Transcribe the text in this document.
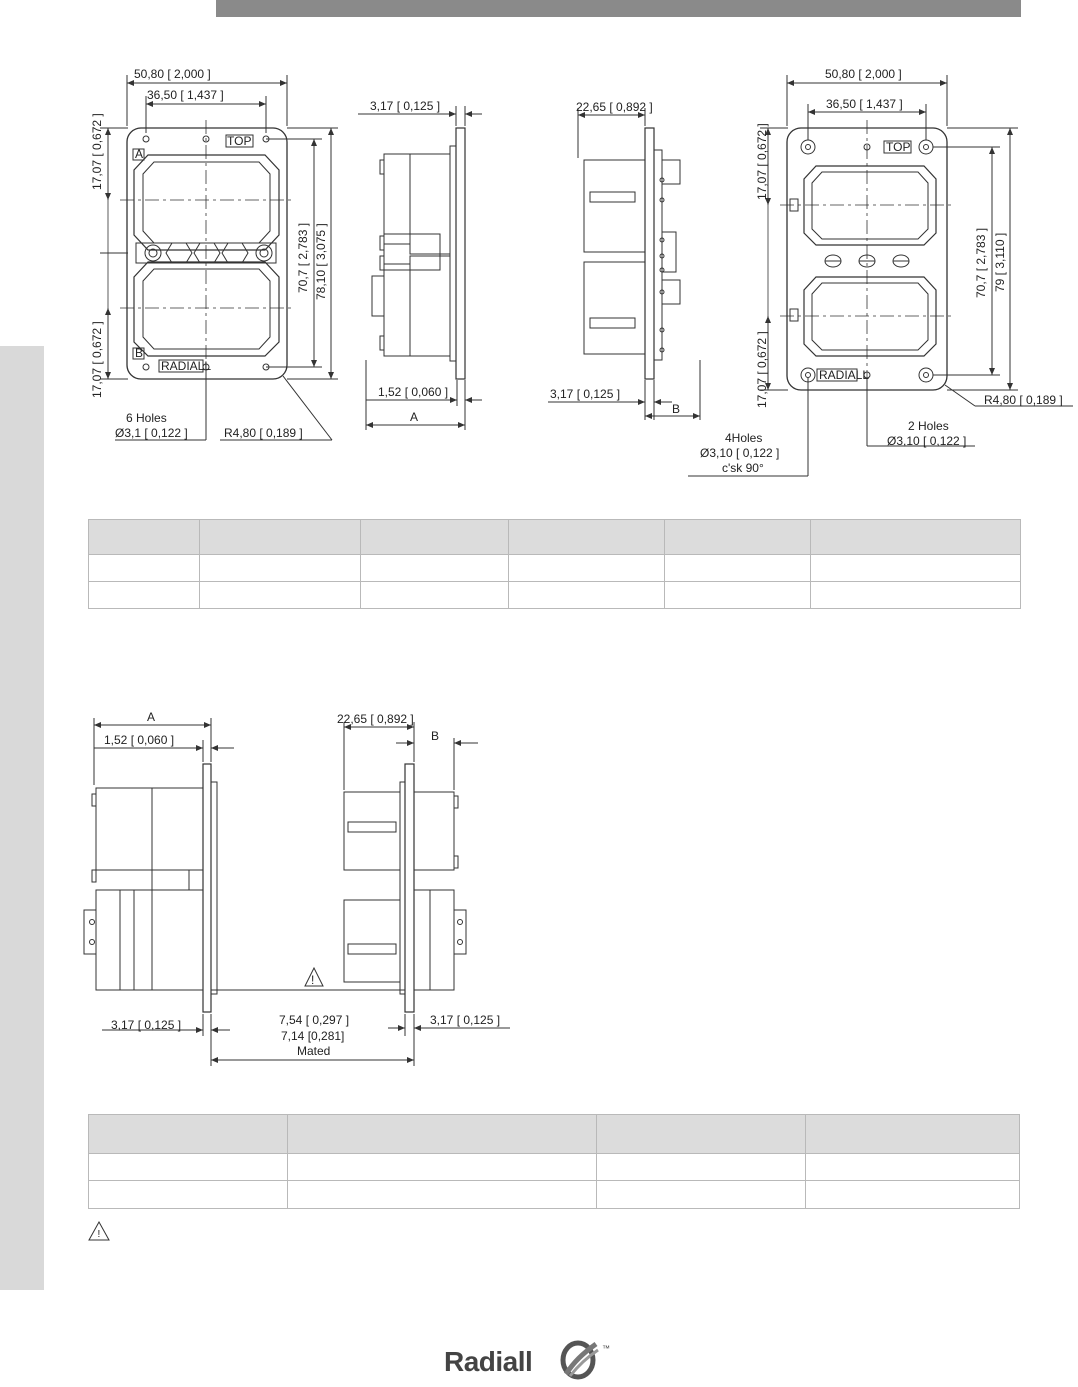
50,80 [ 2,000 ]
36,50 [ 1,437 ]
17,07 [ 0,672 ]
17,07 [ 0,672 ]
70,7 [ 2,783 ] 78,10 [ 3,075 ]
TOP
A
B
RADIALL
6 Holes
Ø3,1 [ 0,122 ]	R4,80 [ 0,189 ]
3,17 [ 0,125 ]
1,52 [ 0,060 ]
A
22,65 [ 0,892 ]
3,17 [ 0,125 ]
B
4Holes
Ø3,10 [ 0,122 ]
c'sk 90°
50,80 [ 2,000 ]
36,50 [ 1,437 ]
17,07 [ 0,672 ]
17,07 [ 0,672 ]
70,7 [ 2,783 ] 79 [ 3,110 ]
TOP
RADIALL
2 Holes
Ø3,10 [ 0,122 ]
R4,80 [ 0,189 ]
A
1,52 [ 0,060 ]
22,65 [ 0,892 ]
B
3,17 [ 0,125 ]	3,17 [ 0,125 ]
7,54 [ 0,297 ]
7,14 [0,281]
Mated
!

!
Radiall	™
